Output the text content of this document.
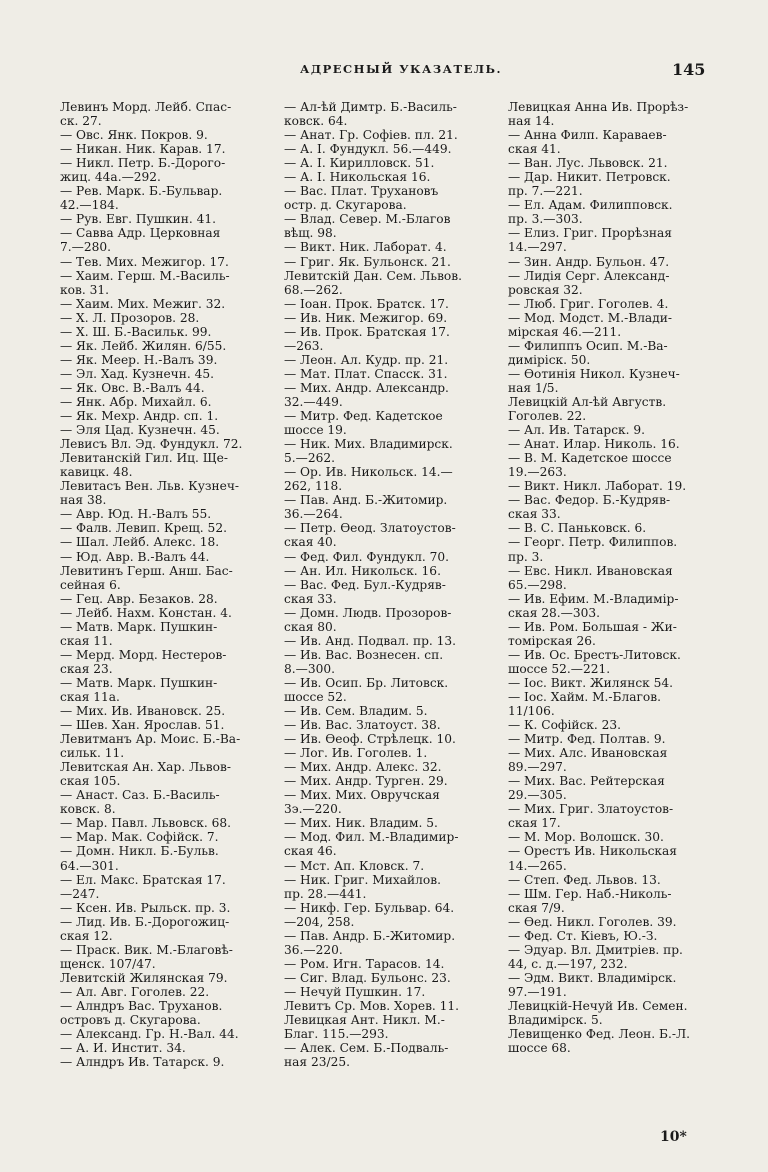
АДРЕСНЫЙ УКАЗАТЕЛЬ.	145
Левинъ Морд. Лейб. Спас-
ск. 27.
— Овс. Янк. Покров. 9.
— Никан. Ник. Карав. 17.
— Никл. Петр. Б.-Дорого-
жиц. 44а.—292.
— Рев. Марк. Б.-Бульвар.
42.—184.
— Рув. Евг. Пушкин. 41.
— Савва Адр. Церковная
7.—280.
— Тев. Мих. Межигор. 17.
— Хаим. Герш. М.-Василь-
ков. 31.
— Хаим. Мих. Межиг. 32.
— Х. Л. Прозоров. 28.
— Х. Ш. Б.-Васильк. 99.
— Як. Лейб. Жилян. 6/55.
— Як. Меер. Н.-Валъ 39.
— Эл. Хад. Кузнечн. 45.
— Як. Овс. В.-Валъ 44.
— Янк. Абр. Михайл. 6.
— Як. Мехр. Андр. сп. 1.
— Эля Цад. Кузнечн. 45.
Левисъ Вл. Эд. Фундукл. 72.
Левитанскій Гил. Иц. Ще-
кавицк. 48.
Левитасъ Вен. Льв. Кузнеч-
ная 38.
— Авр. Юд. Н.-Валъ 55.
— Фалв. Левип. Крещ. 52.
— Шал. Лейб. Алекс. 18.
— Юд. Авр. В.-Валъ 44.
Левитинъ Герш. Анш. Бас-
сейная 6.
— Гец. Авр. Безаков. 28.
— Лейб. Нахм. Констан. 4.
— Матв. Марк. Пушкин-
ская 11.
— Мерд. Морд. Нестеров-
ская 23.
— Матв. Марк. Пушкин-
ская 11а.
— Мих. Ив. Ивановск. 25.
— Шев. Хан. Ярослав. 51.
Левитманъ Ар. Моис. Б.-Ва-
сильк. 11.
Левитская Ан. Хар. Львов-
ская 105.
— Анаст. Саз. Б.-Василь-
ковск. 8.
— Мар. Павл. Львовск. 68.
— Мар. Мак. Софійск. 7.
— Домн. Никл. Б.-Бульв.
64.—301.
— Ел. Макс. Братская 17.
—247.
— Ксен. Ив. Рыльск. пр. 3.
— Лид. Ив. Б.-Дорогожиц-
ская 12.
— Праск. Вик. М.-Благовѣ-
щенск. 107/47.
Левитскій Жилянская 79.
— Ал. Авг. Гоголев. 22.
— Алндръ Вас. Труханов.
островъ д. Скугарова.
— Александ. Гр. Н.-Вал. 44.
— А. И. Инстит. 34.
— Алндръ Ив. Татарск. 9.
— Ал-ѣй Димтр. Б.-Василь-
ковск. 64.
— Анат. Гр. Софіев. пл. 21.
— А. І. Фундукл. 56.—449.
— А. І. Кирилловск. 51.
— А. І. Никольская 16.
— Вас. Плат. Трухановъ
остр. д. Скугарова.
— Влад. Север. М.-Благов
вѣщ. 98.
— Викт. Ник. Лаборат. 4.
— Григ. Як. Бульонск. 21.
Левитскій Дан. Сем. Львов.
68.—262.
— Іоан. Прок. Братск. 17.
— Ив. Ник. Межигор. 69.
— Ив. Прок. Братская 17.
—263.
— Леон. Ал. Кудр. пр. 21.
— Мат. Плат. Спасск. 31.
— Мих. Андр. Александр.
32.—449.
— Митр. Фед. Кадетское
шоссе 19.
— Ник. Мих. Владимирск.
5.—262.
— Ор. Ив. Никольск. 14.—
262, 118.
— Пав. Анд. Б.-Житомир.
36.—264.
— Петр. Ѳеод. Златоустов-
ская 40.
— Фед. Фил. Фундукл. 70.
— Ан. Ил. Никольск. 16.
— Вас. Фед. Бул.-Кудряв-
ская 33.
— Домн. Людв. Прозоров-
ская 80.
— Ив. Анд. Подвал. пр. 13.
— Ив. Вас. Вознесен. сп.
8.—300.
— Ив. Осип. Бр. Литовск.
шоссе 52.
— Ив. Сем. Владим. 5.
— Ив. Вас. Златоуст. 38.
— Ив. Ѳеоф. Стрѣлецк. 10.
— Лог. Ив. Гоголев. 1.
— Мих. Андр. Алекс. 32.
— Мих. Андр. Турген. 29.
— Мих. Мих. Овручская
3э.—220.
— Мих. Ник. Владим. 5.
— Мод. Фил. М.-Владимир-
ская 46.
— Мст. Ап. Кловск. 7.
— Ник. Григ. Михайлов.
пр. 28.—441.
— Никф. Гер. Бульвар. 64.
—204, 258.
— Пав. Андр. Б.-Житомир.
36.—220.
— Ром. Игн. Тарасов. 14.
— Сиг. Влад. Бульонс. 23.
— Нечуй Пушкин. 17.
Левитъ Ср. Мов. Хорев. 11.
Левицкая Ант. Никл. М.-
Благ. 115.—293.
— Алек. Сем. Б.-Подваль-
ная 23/25.
Левицкая Анна Ив. Прорѣз-
ная 14.
— Анна Филп. Караваев-
ская 41.
— Ван. Лус. Львовск. 21.
— Дар. Никит. Петровск.
пр. 7.—221.
— Ел. Адам. Филипповск.
пр. 3.—303.
— Елиз. Григ. Прорѣзная
14.—297.
— Зин. Андр. Бульон. 47.
— Лидія Серг. Александ-
ровская 32.
— Люб. Григ. Гоголев. 4.
— Мод. Модст. М.-Влади-
мірская 46.—211.
— Филиппъ Осип. М.-Ва-
диміріск. 50.
— Ѳотинія Никол. Кузнеч-
ная 1/5.
Левицкій Ал-ѣй Августв.
Гоголев. 22.
— Ал. Ив. Татарск. 9.
— Анат. Илар. Николь. 16.
— В. М. Кадетское шоссе
19.—263.
— Викт. Никл. Лаборат. 19.
— Вас. Федор. Б.-Кудряв-
ская 33.
— В. С. Паньковск. 6.
— Георг. Петр. Филиппов.
пр. 3.
— Евс. Никл. Ивановская
65.—298.
— Ив. Ефим. М.-Владимір-
ская 28.—303.
— Ив. Ром. Большая - Жи-
томірская 26.
— Ив. Ос. Брестъ-Литовск.
шоссе 52.—221.
— Іос. Викт. Жилянск 54.
— Іос. Хайм. М.-Благов.
11/106.
— К. Софійск. 23.
— Митр. Фед. Полтав. 9.
— Мих. Алс. Ивановская
89.—297.
— Мих. Вас. Рейтерская
29.—305.
— Мих. Григ. Златоустов-
ская 17.
— М. Мор. Волошск. 30.
— Орестъ Ив. Никольская
14.—265.
— Степ. Фед. Львов. 13.
— Шм. Гер. Наб.-Николь-
ская 7/9.
— Ѳед. Никл. Гоголев. 39.
— Фед. Ст. Кіевъ, Ю.-З.
— Эдуар. Вл. Дмитріев. пр.
44, с. д.—197, 232.
— Эдм. Викт. Владимірск.
97.—191.
Левицкій-Нечуй Ив. Семен.
Владимірск. 5.
Левищенко Фед. Леон. Б.-Л.
шоссе 68.
10*
